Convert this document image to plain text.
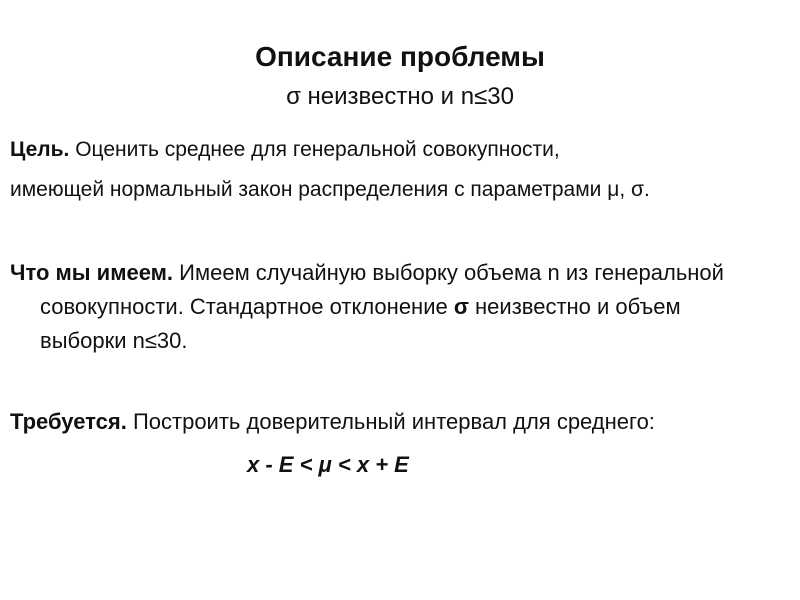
Описание проблемы
σ неизвестно и n≤30
Цель. Оценить среднее для генеральной совокупности,
имеющей нормальный закон распределения с параметрами μ, σ.
Что мы имеем. Имеем случайную выборку объема n из генеральной совокупности. Стандартное отклонение σ неизвестно и объем выборки n≤30.
Требуется. Построить доверительный интервал для среднего:
x - E < μ < x + E
